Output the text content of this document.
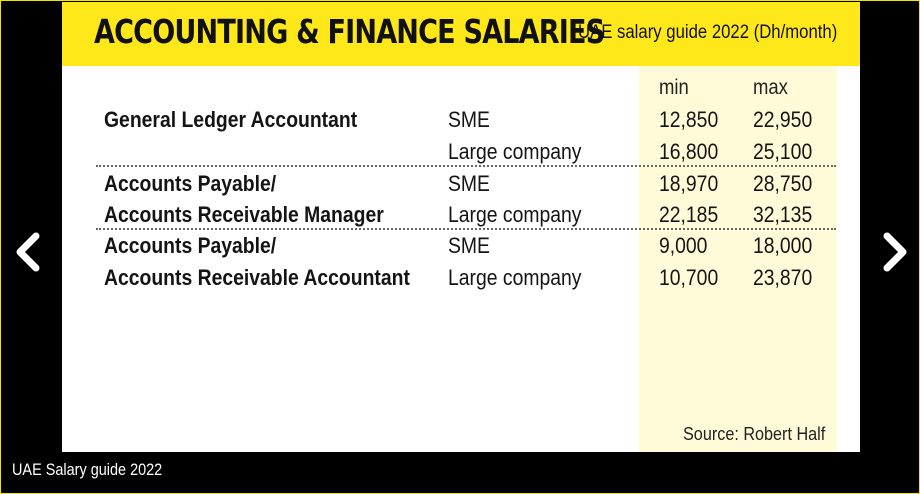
ACCOUNTING & FINANCE SALARIES
UAE salary guide 2022 (Dh/month)
min	max
General Ledger Accountant	SME	12,850 22,950
Large company	16,800 25,100
Accounts Payable/	SME	18,970 28,750
Accounts Receivable Manager	Large company	22,185 32,135
Accounts Payable/	SME	9,000 18,000
Accounts Receivable Accountant Large company	10,700 23,870
Source: Robert Half
UAE Salary guide 2022
